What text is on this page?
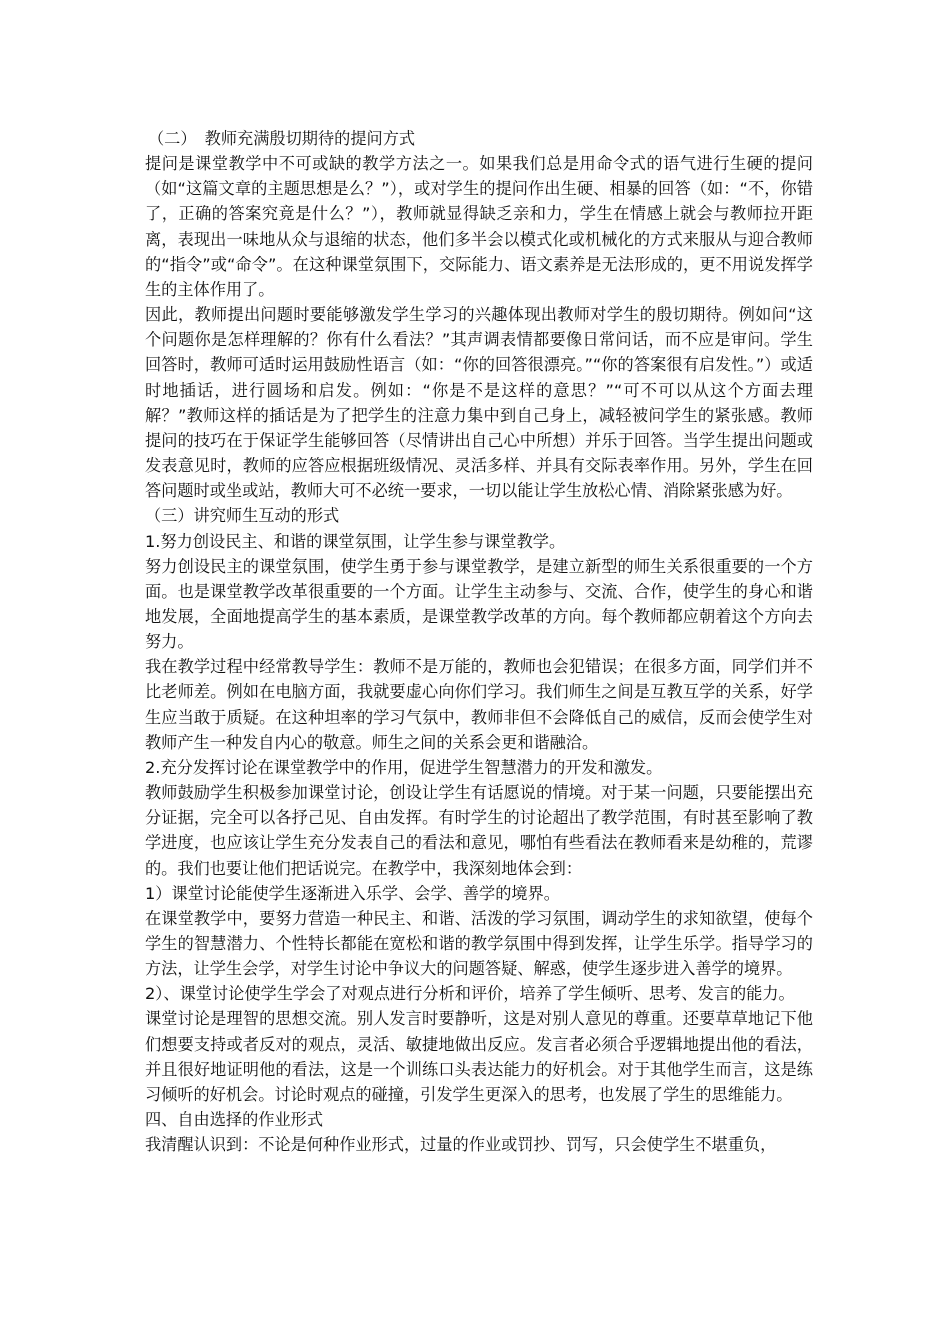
（二）　教师充满殷切期待的提问方式

提问是课堂教学中不可或缺的教学方法之一。如果我们总是用命令式的语气进行生硬的提问（如“这篇文章的主题思想是么？”），或对学生的提问作出生硬、相暴的回答（如：“不，你错了，正确的答案究竟是什么？”），教师就显得缺乏亲和力，学生在情感上就会与教师拉开距离，表现出一味地从众与退缩的状态，他们多半会以模式化或机械化的方式来服从与迎合教师的“指令”或“命令”。在这种课堂氛围下，交际能力、语文素养是无法形成的，更不用说发挥学生的主体作用了。

因此，教师提出问题时要能够激发学生学习的兴趣体现出教师对学生的殷切期待。例如问“这个问题你是怎样理解的？你有什么看法？”其声调表情都要像日常问话，而不应是审问。学生回答时，教师可适时运用鼓励性语言（如：“你的回答很漂亮。”“你的答案很有启发性。”）或适时地插话，进行圆场和启发。例如：“你是不是这样的意思？”“可不可以从这个方面去理解？”教师这样的插话是为了把学生的注意力集中到自己身上，减轻被问学生的紧张感。教师提问的技巧在于保证学生能够回答（尽情讲出自己心中所想）并乐于回答。当学生提出问题或发表意见时，教师的应答应根据班级情况、灵活多样、并具有交际表率作用。另外，学生在回答问题时或坐或站，教师大可不必统一要求，一切以能让学生放松心情、消除紧张感为好。

（三）讲究师生互动的形式

1.努力创设民主、和谐的课堂氛围，让学生参与课堂教学。

努力创设民主的课堂氛围，使学生勇于参与课堂教学，是建立新型的师生关系很重要的一个方面。也是课堂教学改革很重要的一个方面。让学生主动参与、交流、合作，使学生的身心和谐地发展，全面地提高学生的基本素质，是课堂教学改革的方向。每个教师都应朝着这个方向去努力。

我在教学过程中经常教导学生：教师不是万能的，教师也会犯错误；在很多方面，同学们并不比老师差。例如在电脑方面，我就要虚心向你们学习。我们师生之间是互教互学的关系，好学生应当敢于质疑。在这种坦率的学习气氛中，教师非但不会降低自己的威信，反而会使学生对教师产生一种发自内心的敬意。师生之间的关系会更和谐融洽。

2.充分发挥讨论在课堂教学中的作用，促进学生智慧潜力的开发和激发。

教师鼓励学生积极参加课堂讨论，创设让学生有话愿说的情境。对于某一问题，只要能摆出充分证据，完全可以各抒己见、自由发挥。有时学生的讨论超出了教学范围，有时甚至影响了教学进度，也应该让学生充分发表自己的看法和意见，哪怕有些看法在教师看来是幼稚的，荒谬的。我们也要让他们把话说完。在教学中，我深刻地体会到：

1）课堂讨论能使学生逐渐进入乐学、会学、善学的境界。

在课堂教学中，要努力营造一种民主、和谐、活泼的学习氛围，调动学生的求知欲望，使每个学生的智慧潜力、个性特长都能在宽松和谐的教学氛围中得到发挥，让学生乐学。指导学习的方法，让学生会学，对学生讨论中争议大的问题答疑、解惑，使学生逐步进入善学的境界。

2）、课堂讨论使学生学会了对观点进行分析和评价，培养了学生倾听、思考、发言的能力。

课堂讨论是理智的思想交流。别人发言时要静听，这是对别人意见的尊重。还要草草地记下他们想要支持或者反对的观点，灵活、敏捷地做出反应。发言者必须合乎逻辑地提出他的看法，并且很好地证明他的看法，这是一个训练口头表达能力的好机会。对于其他学生而言，这是练习倾听的好机会。讨论时观点的碰撞，引发学生更深入的思考，也发展了学生的思维能力。

四、自由选择的作业形式

我清醒认识到：不论是何种作业形式，过量的作业或罚抄、罚写，只会使学生不堪重负，
